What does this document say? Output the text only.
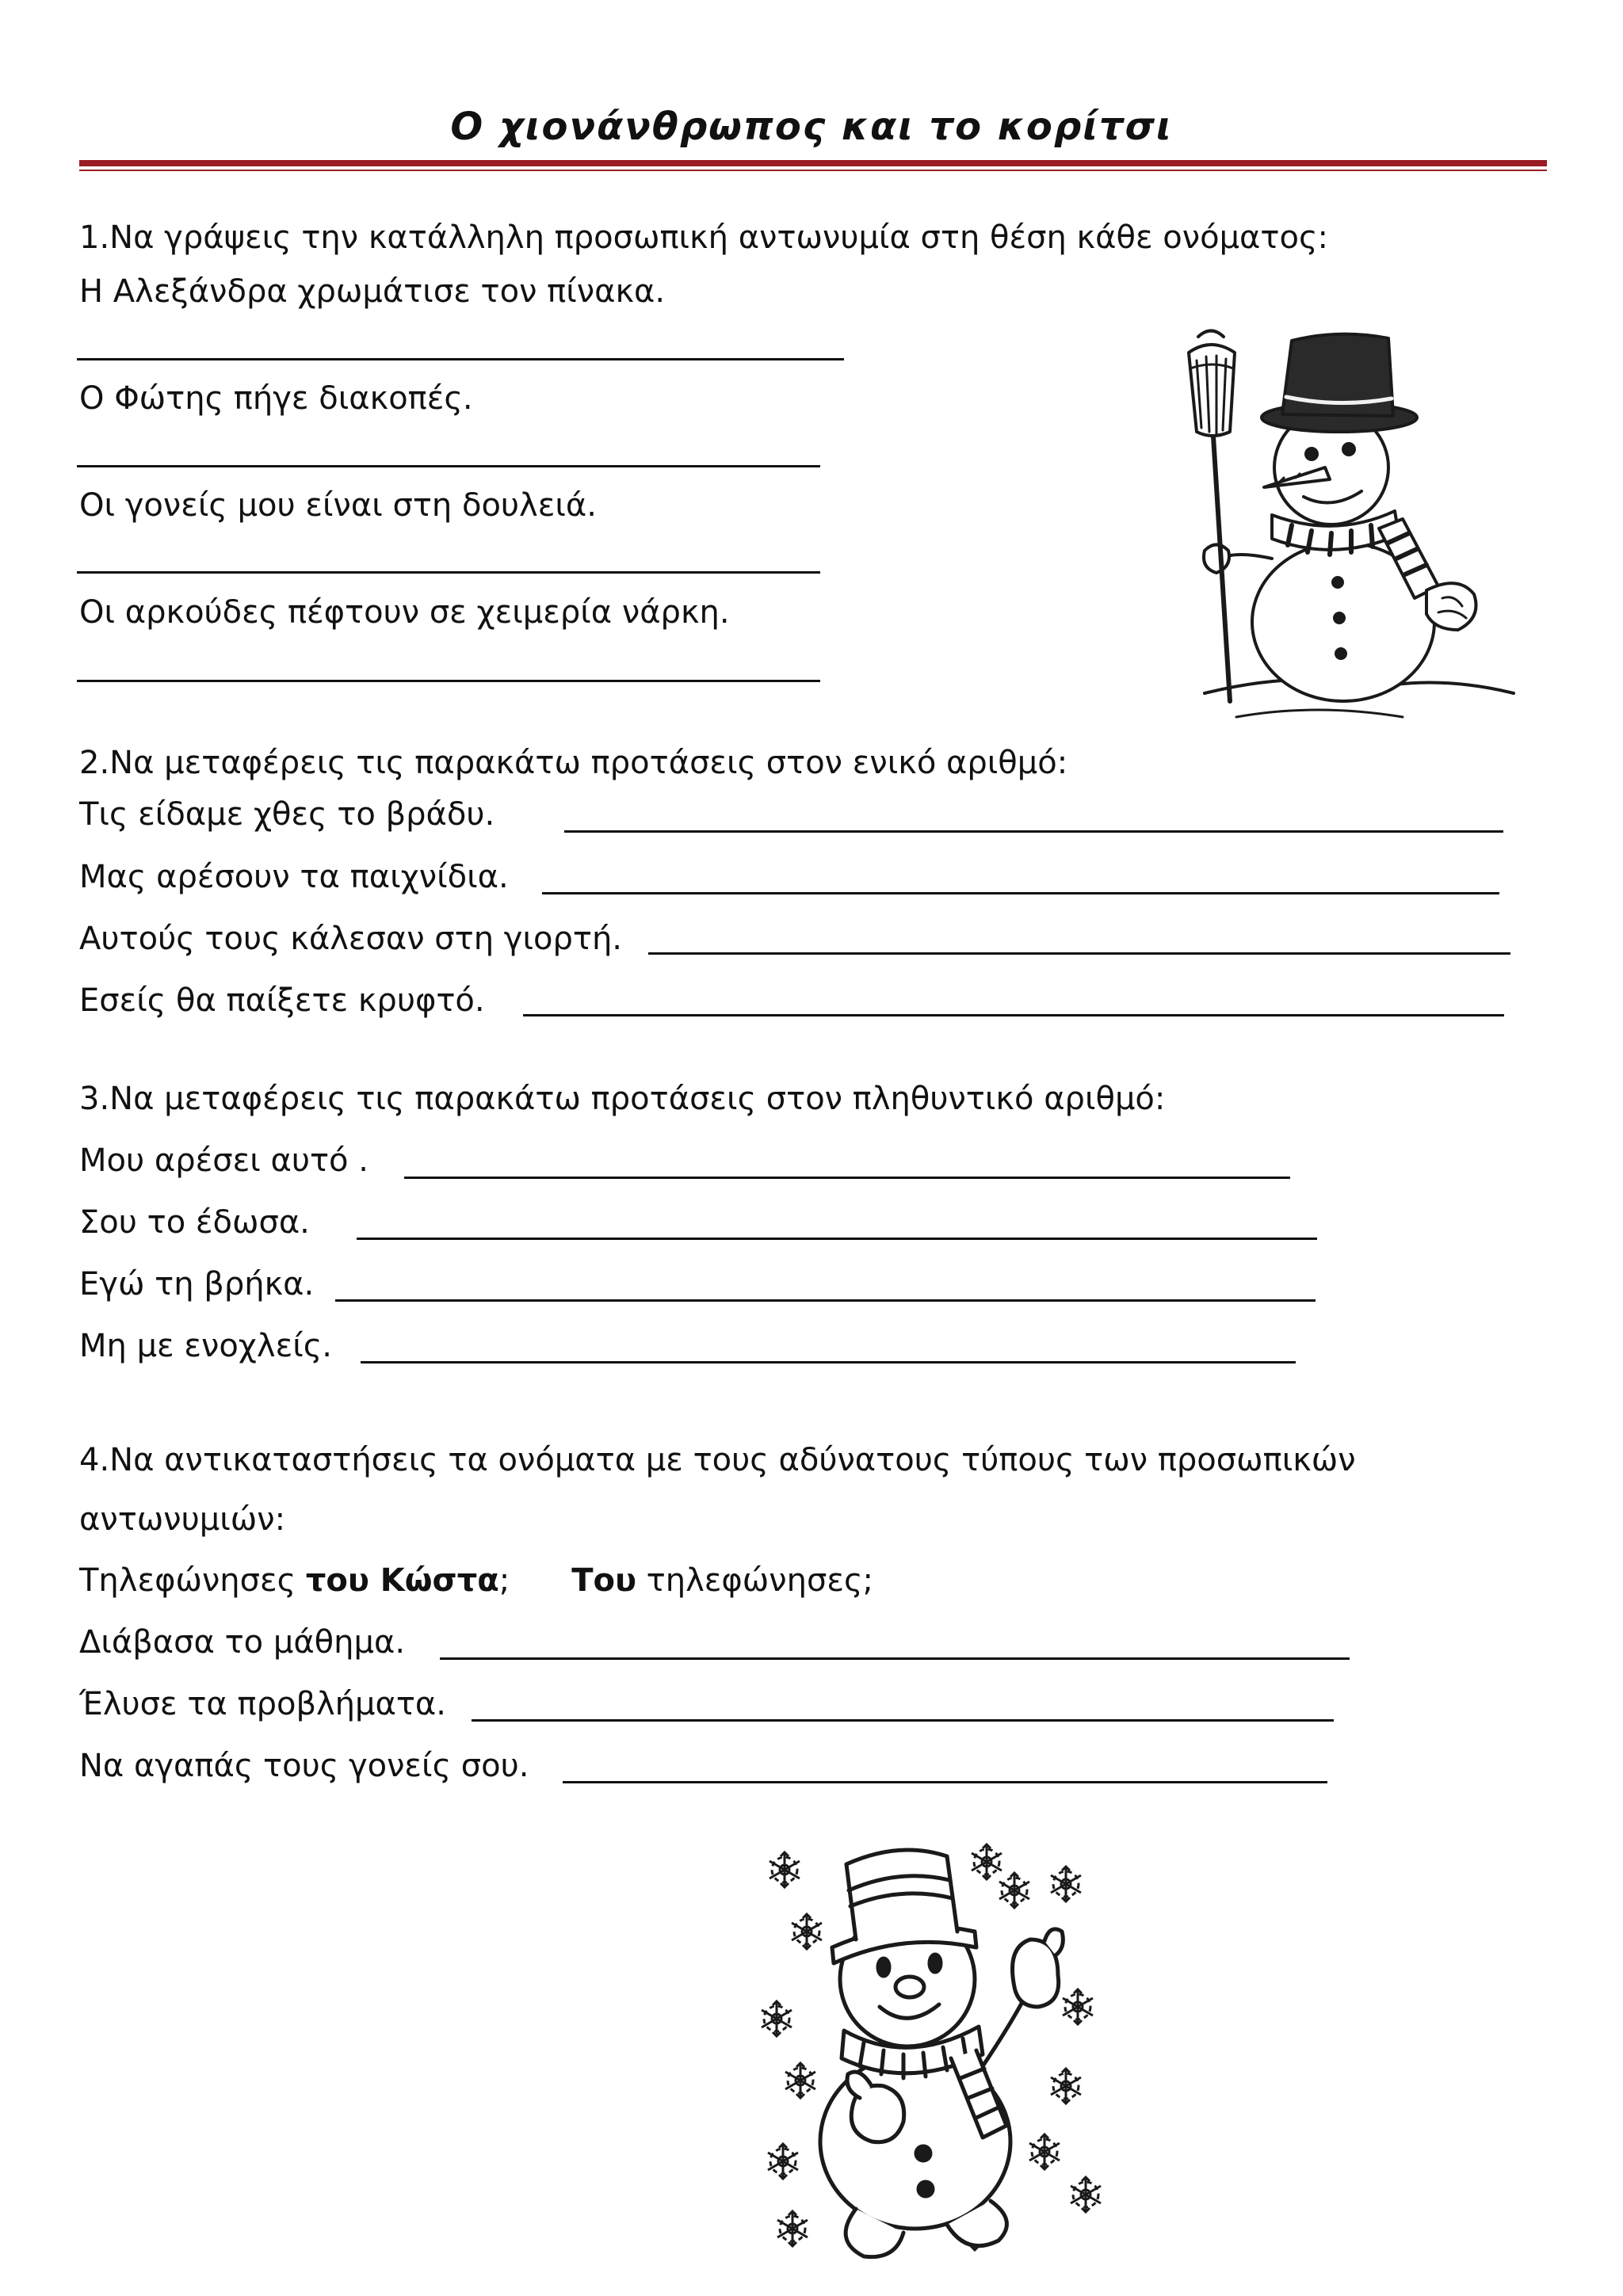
Ο χιονάνθρωπος και το κορίτσι
1.Να γράψεις την κατάλληλη προσωπική αντωνυμία στη θέση κάθε ονόματος:
Η Αλεξάνδρα χρωμάτισε τον πίνακα.
Ο Φώτης πήγε διακοπές.
Οι γονείς μου είναι στη δουλειά.
Οι αρκούδες πέφτουν σε χειμερία νάρκη.
2.Να μεταφέρεις τις παρακάτω προτάσεις στον ενικό αριθμό:
Τις είδαμε χθες το βράδυ.
Μας αρέσουν τα παιχνίδια.
Αυτούς τους κάλεσαν στη γιορτή.
Εσείς θα παίξετε κρυφτό.
3.Να μεταφέρεις τις παρακάτω προτάσεις στον πληθυντικό αριθμό:
Μου αρέσει αυτό .
Σου το έδωσα.
Εγώ τη βρήκα.
Μη με ενοχλείς.
4.Να αντικαταστήσεις τα ονόματα με τους αδύνατους τύπους των προσωπικών
αντωνυμιών:
Τηλεφώνησες του Κώστα; Του τηλεφώνησες;
Διάβασα το μάθημα.
Έλυσε τα προβλήματα.
Να αγαπάς τους γονείς σου.
